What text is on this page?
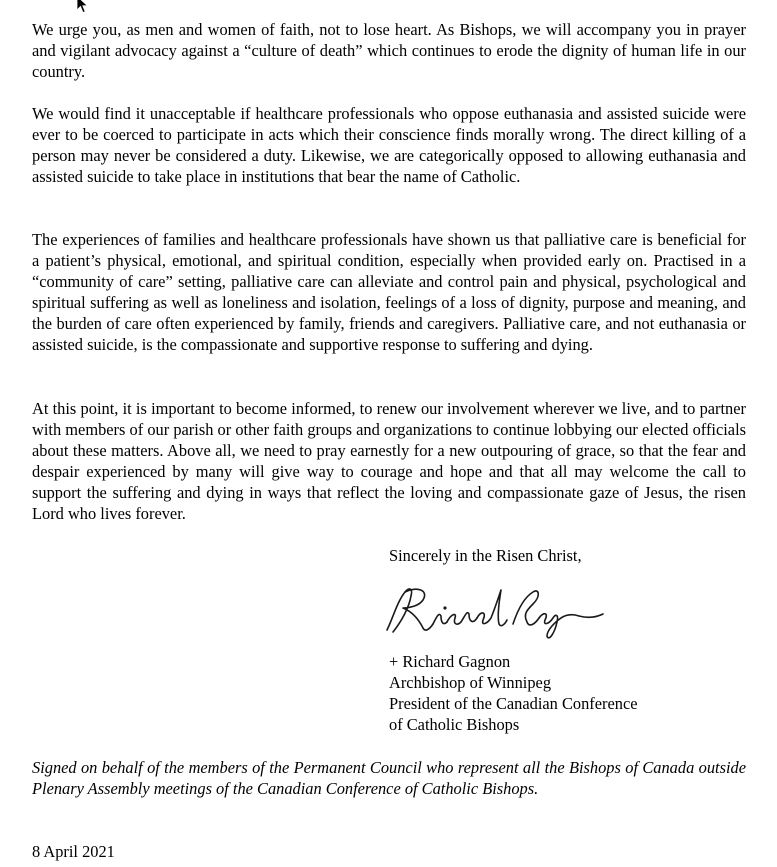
We urge you, as men and women of faith, not to lose heart. As Bishops, we will accompany you in prayer and vigilant advocacy against a “culture of death” which continues to erode the dignity of human life in our country.

We would find it unacceptable if healthcare professionals who oppose euthanasia and assisted suicide were ever to be coerced to participate in acts which their conscience finds morally wrong. The direct killing of a person may never be considered a duty. Likewise, we are categorically opposed to allowing euthanasia and assisted suicide to take place in institutions that bear the name of Catholic.

The experiences of families and healthcare professionals have shown us that palliative care is beneficial for a patient’s physical, emotional, and spiritual condition, especially when provided early on. Practised in a “community of care” setting, palliative care can alleviate and control pain and physical, psychological and spiritual suffering as well as loneliness and isolation, feelings of a loss of dignity, purpose and meaning, and the burden of care often experienced by family, friends and caregivers. Palliative care, and not euthanasia or assisted suicide, is the compassionate and supportive response to suffering and dying.

At this point, it is important to become informed, to renew our involvement wherever we live, and to partner with members of our parish or other faith groups and organizations to continue lobbying our elected officials about these matters. Above all, we need to pray earnestly for a new outpouring of grace, so that the fear and despair experienced by many will give way to courage and hope and that all may welcome the call to support the suffering and dying in ways that reflect the loving and compassionate gaze of Jesus, the risen Lord who lives forever.

Sincerely in the Risen Christ,

+ Richard Gagnon

Archbishop of Winnipeg

President of the Canadian Conference

of Catholic Bishops

Signed on behalf of the members of the Permanent Council who represent all the Bishops of Canada outside Plenary Assembly meetings of the Canadian Conference of Catholic Bishops.

8 April 2021
